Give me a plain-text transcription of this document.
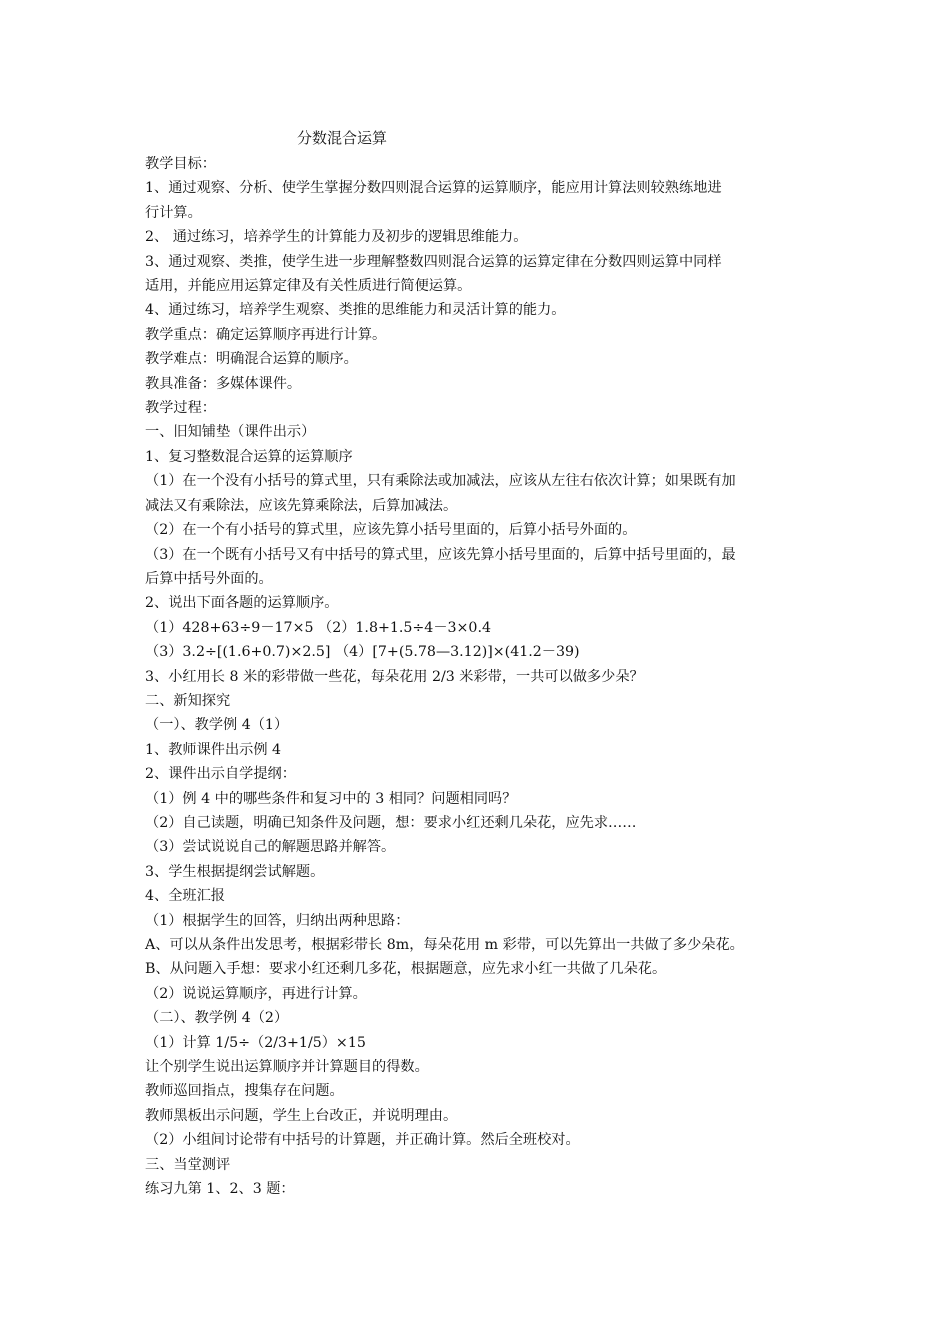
分数混合运算

教学目标：

1、通过观察、分析、使学生掌握分数四则混合运算的运算顺序，能应用计算法则较熟练地进

行计算。

2、 通过练习，培养学生的计算能力及初步的逻辑思维能力。

3、通过观察、类推，使学生进一步理解整数四则混合运算的运算定律在分数四则运算中同样

适用，并能应用运算定律及有关性质进行简便运算。

4、通过练习，培养学生观察、类推的思维能力和灵活计算的能力。

教学重点：确定运算顺序再进行计算。

教学难点：明确混合运算的顺序。

教具准备：多媒体课件。

教学过程：

一、旧知铺垫（课件出示）

1、复习整数混合运算的运算顺序

（1）在一个没有小括号的算式里，只有乘除法或加减法，应该从左往右依次计算；如果既有加

减法又有乘除法，应该先算乘除法，后算加减法。

（2）在一个有小括号的算式里，应该先算小括号里面的，后算小括号外面的。

（3）在一个既有小括号又有中括号的算式里，应该先算小括号里面的，后算中括号里面的，最

后算中括号外面的。

2、说出下面各题的运算顺序。

（1）428+63÷9－17×5 （2）1.8+1.5÷4－3×0.4

（3）3.2÷[(1.6+0.7)×2.5] （4）[7+(5.78—3.12)]×(41.2－39)

3、小红用长 8 米的彩带做一些花，每朵花用 2/3 米彩带，一共可以做多少朵？

二、新知探究

（一）、教学例 4（1）

1、教师课件出示例 4

2、课件出示自学提纲：

（1）例 4 中的哪些条件和复习中的 3 相同？问题相同吗？

（2）自己读题，明确已知条件及问题，想：要求小红还剩几朵花，应先求……

（3）尝试说说自己的解题思路并解答。

3、学生根据提纲尝试解题。

4、全班汇报

（1）根据学生的回答，归纳出两种思路：

A、可以从条件出发思考，根据彩带长 8m，每朵花用 m 彩带，可以先算出一共做了多少朵花。

B、从问题入手想：要求小红还剩几多花，根据题意，应先求小红一共做了几朵花。

（2）说说运算顺序，再进行计算。

（二）、教学例 4（2）

（1）计算 1/5÷（2/3+1/5）×15

让个别学生说出运算顺序并计算题目的得数。

教师巡回指点，搜集存在问题。

教师黑板出示问题，学生上台改正，并说明理由。

（2）小组间讨论带有中括号的计算题，并正确计算。然后全班校对。

三、当堂测评

练习九第 1、2、3 题：
